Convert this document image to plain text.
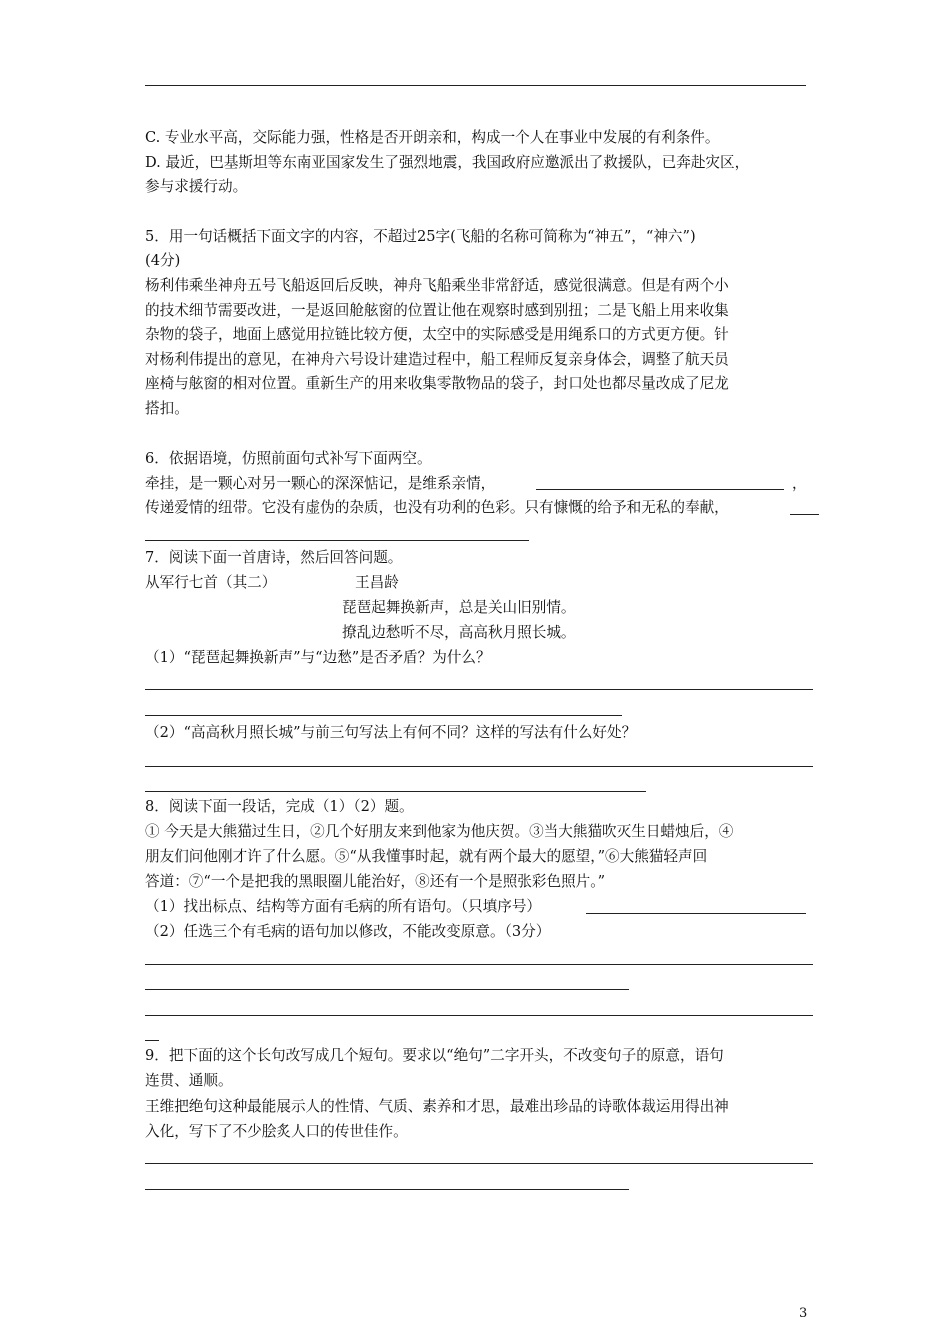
C. 专业水平高，交际能力强，性格是否开朗亲和，构成一个人在事业中发展的有利条件。
D. 最近，巴基斯坦等东南亚国家发生了强烈地震，我国政府应邀派出了救援队，已奔赴灾区，
参与求援行动。
5．用一句话概括下面文字的内容，不超过25字(飞船的名称可简称为“神五”，“神六”)
(4分)
杨利伟乘坐神舟五号飞船返回后反映，神舟飞船乘坐非常舒适，感觉很满意。但是有两个小
的技术细节需要改进，一是返回舱舷窗的位置让他在观察时感到别扭；二是飞船上用来收集
杂物的袋子，地面上感觉用拉链比较方便，太空中的实际感受是用绳系口的方式更方便。针
对杨利伟提出的意见，在神舟六号设计建造过程中，船工程师反复亲身体会，调整了航天员
座椅与舷窗的相对位置。重新生产的用来收集零散物品的袋子，封口处也都尽量改成了尼龙
搭扣。
6．依据语境，仿照前面句式补写下面两空。
牵挂，是一颗心对另一颗心的深深惦记，是维系亲情，	，
传递爱情的纽带。它没有虚伪的杂质，也没有功利的色彩。只有慷慨的给予和无私的奉献，
7．阅读下面一首唐诗，然后回答问题。
从军行七首（其二）	王昌龄
琵琶起舞换新声，总是关山旧别情。
撩乱边愁听不尽，高高秋月照长城。
（1）“琵琶起舞换新声”与“边愁”是否矛盾？为什么？
（2）“高高秋月照长城”与前三句写法上有何不同？这样的写法有什么好处？
8．阅读下面一段话，完成（1）（2）题。
① 今天是大熊猫过生日，②几个好朋友来到他家为他庆贺。③当大熊猫吹灭生日蜡烛后，④
朋友们问他刚才许了什么愿。⑤“从我懂事时起，就有两个最大的愿望，”⑥大熊猫轻声回
答道：⑦“一个是把我的黑眼圈儿能治好，⑧还有一个是照张彩色照片。”
（1）找出标点、结构等方面有毛病的所有语句。（只填序号）
（2）任选三个有毛病的语句加以修改，不能改变原意。（3分）
9．把下面的这个长句改写成几个短句。要求以“绝句”二字开头，不改变句子的原意，语句
连贯、通顺。
王维把绝句这种最能展示人的性情、气质、素养和才思，最难出珍品的诗歌体裁运用得出神
入化，写下了不少脍炙人口的传世佳作。
3
